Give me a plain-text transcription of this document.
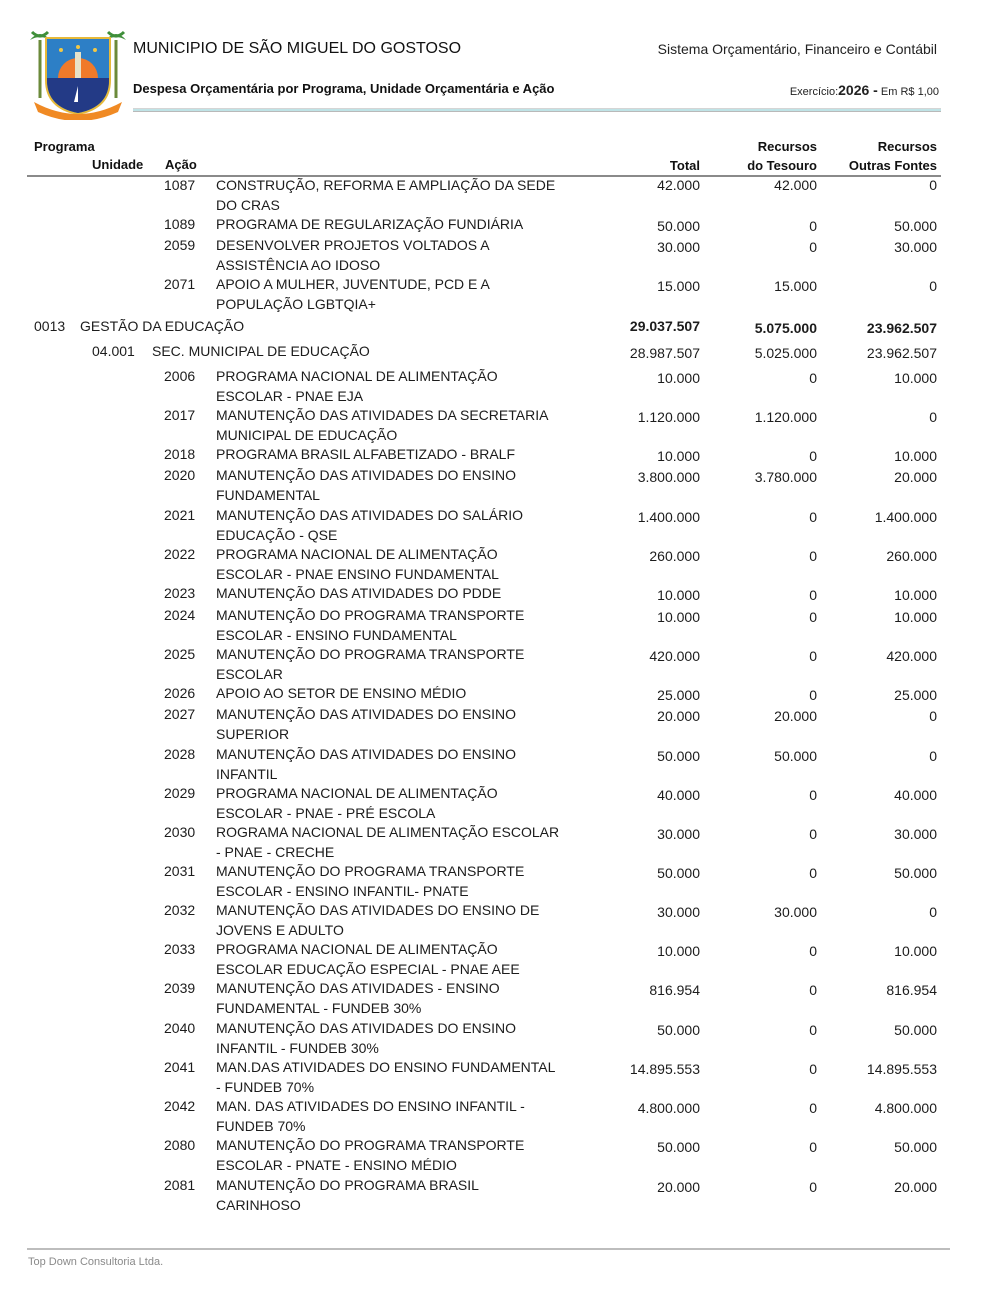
MUNICIPIO DE SÃO MIGUEL DO GOSTOSO	Sistema Orçamentário, Financeiro e Contábil
Despesa Orçamentária por Programa, Unidade Orçamentária e Ação	Exercício:2026 - Em R$ 1,00
Programa
Unidade Ação	Total
Recursos
do Tesouro
Recursos
Outras Fontes
1087 CONSTRUÇÃO, REFORMA E AMPLIAÇÃO DA SEDE DO CRAS
42.000	42.000	0
1089 PROGRAMA DE REGULARIZAÇÃO FUNDIÁRIA	50.000	0	50.000
2059 DESENVOLVER PROJETOS VOLTADOS A ASSISTÊNCIA AO IDOSO
30.000	0	30.000
2071 APOIO A MULHER, JUVENTUDE, PCD E A POPULAÇÃO LGBTQIA+
15.000	15.000	0
0013 GESTÃO DA EDUCAÇÃO	29.037.507	5.075.000	23.962.507
04.001 SEC. MUNICIPAL DE EDUCAÇÃO	28.987.507	5.025.000	23.962.507
2006 PROGRAMA NACIONAL DE ALIMENTAÇÃO ESCOLAR - PNAE EJA
10.000	0	10.000
2017 MANUTENÇÃO DAS ATIVIDADES DA SECRETARIA MUNICIPAL DE EDUCAÇÃO
1.120.000	1.120.000	0
2018 PROGRAMA BRASIL ALFABETIZADO - BRALF	10.000	0	10.000
2020 MANUTENÇÃO DAS ATIVIDADES DO ENSINO FUNDAMENTAL
3.800.000	3.780.000	20.000
2021 MANUTENÇÃO DAS ATIVIDADES DO SALÁRIO EDUCAÇÃO - QSE
1.400.000	0	1.400.000
2022 PROGRAMA NACIONAL DE ALIMENTAÇÃO ESCOLAR - PNAE ENSINO FUNDAMENTAL
260.000	0	260.000
2023 MANUTENÇÃO DAS ATIVIDADES DO PDDE	10.000	0	10.000
2024 MANUTENÇÃO DO PROGRAMA TRANSPORTE ESCOLAR - ENSINO FUNDAMENTAL
10.000	0	10.000
2025 MANUTENÇÃO DO PROGRAMA TRANSPORTE ESCOLAR
420.000	0	420.000
2026 APOIO AO SETOR DE ENSINO MÉDIO	25.000	0	25.000
2027 MANUTENÇÃO DAS ATIVIDADES DO ENSINO SUPERIOR
20.000	20.000	0
2028 MANUTENÇÃO DAS ATIVIDADES DO ENSINO INFANTIL
50.000	50.000	0
2029 PROGRAMA NACIONAL DE ALIMENTAÇÃO ESCOLAR - PNAE - PRÉ ESCOLA
40.000	0	40.000
2030 ROGRAMA NACIONAL DE ALIMENTAÇÃO ESCOLAR - PNAE - CRECHE
30.000	0	30.000
2031 MANUTENÇÃO DO PROGRAMA TRANSPORTE ESCOLAR - ENSINO INFANTIL- PNATE
50.000	0	50.000
2032 MANUTENÇÃO DAS ATIVIDADES DO ENSINO DE JOVENS E ADULTO
30.000	30.000	0
2033 PROGRAMA NACIONAL DE ALIMENTAÇÃO ESCOLAR EDUCAÇÃO ESPECIAL - PNAE AEE
10.000	0	10.000
2039 MANUTENÇÃO DAS ATIVIDADES - ENSINO FUNDAMENTAL - FUNDEB 30%
816.954	0	816.954
2040 MANUTENÇÃO DAS ATIVIDADES DO ENSINO INFANTIL - FUNDEB 30%
50.000	0	50.000
2041 MAN.DAS ATIVIDADES DO ENSINO FUNDAMENTAL - FUNDEB 70%
14.895.553	0	14.895.553
2042 MAN. DAS ATIVIDADES DO ENSINO INFANTIL - FUNDEB 70%
4.800.000	0	4.800.000
2080 MANUTENÇÃO DO PROGRAMA TRANSPORTE ESCOLAR - PNATE - ENSINO MÉDIO
50.000	0	50.000
2081 MANUTENÇÃO DO PROGRAMA BRASIL CARINHOSO
20.000	0	20.000
Top Down Consultoria Ltda.
